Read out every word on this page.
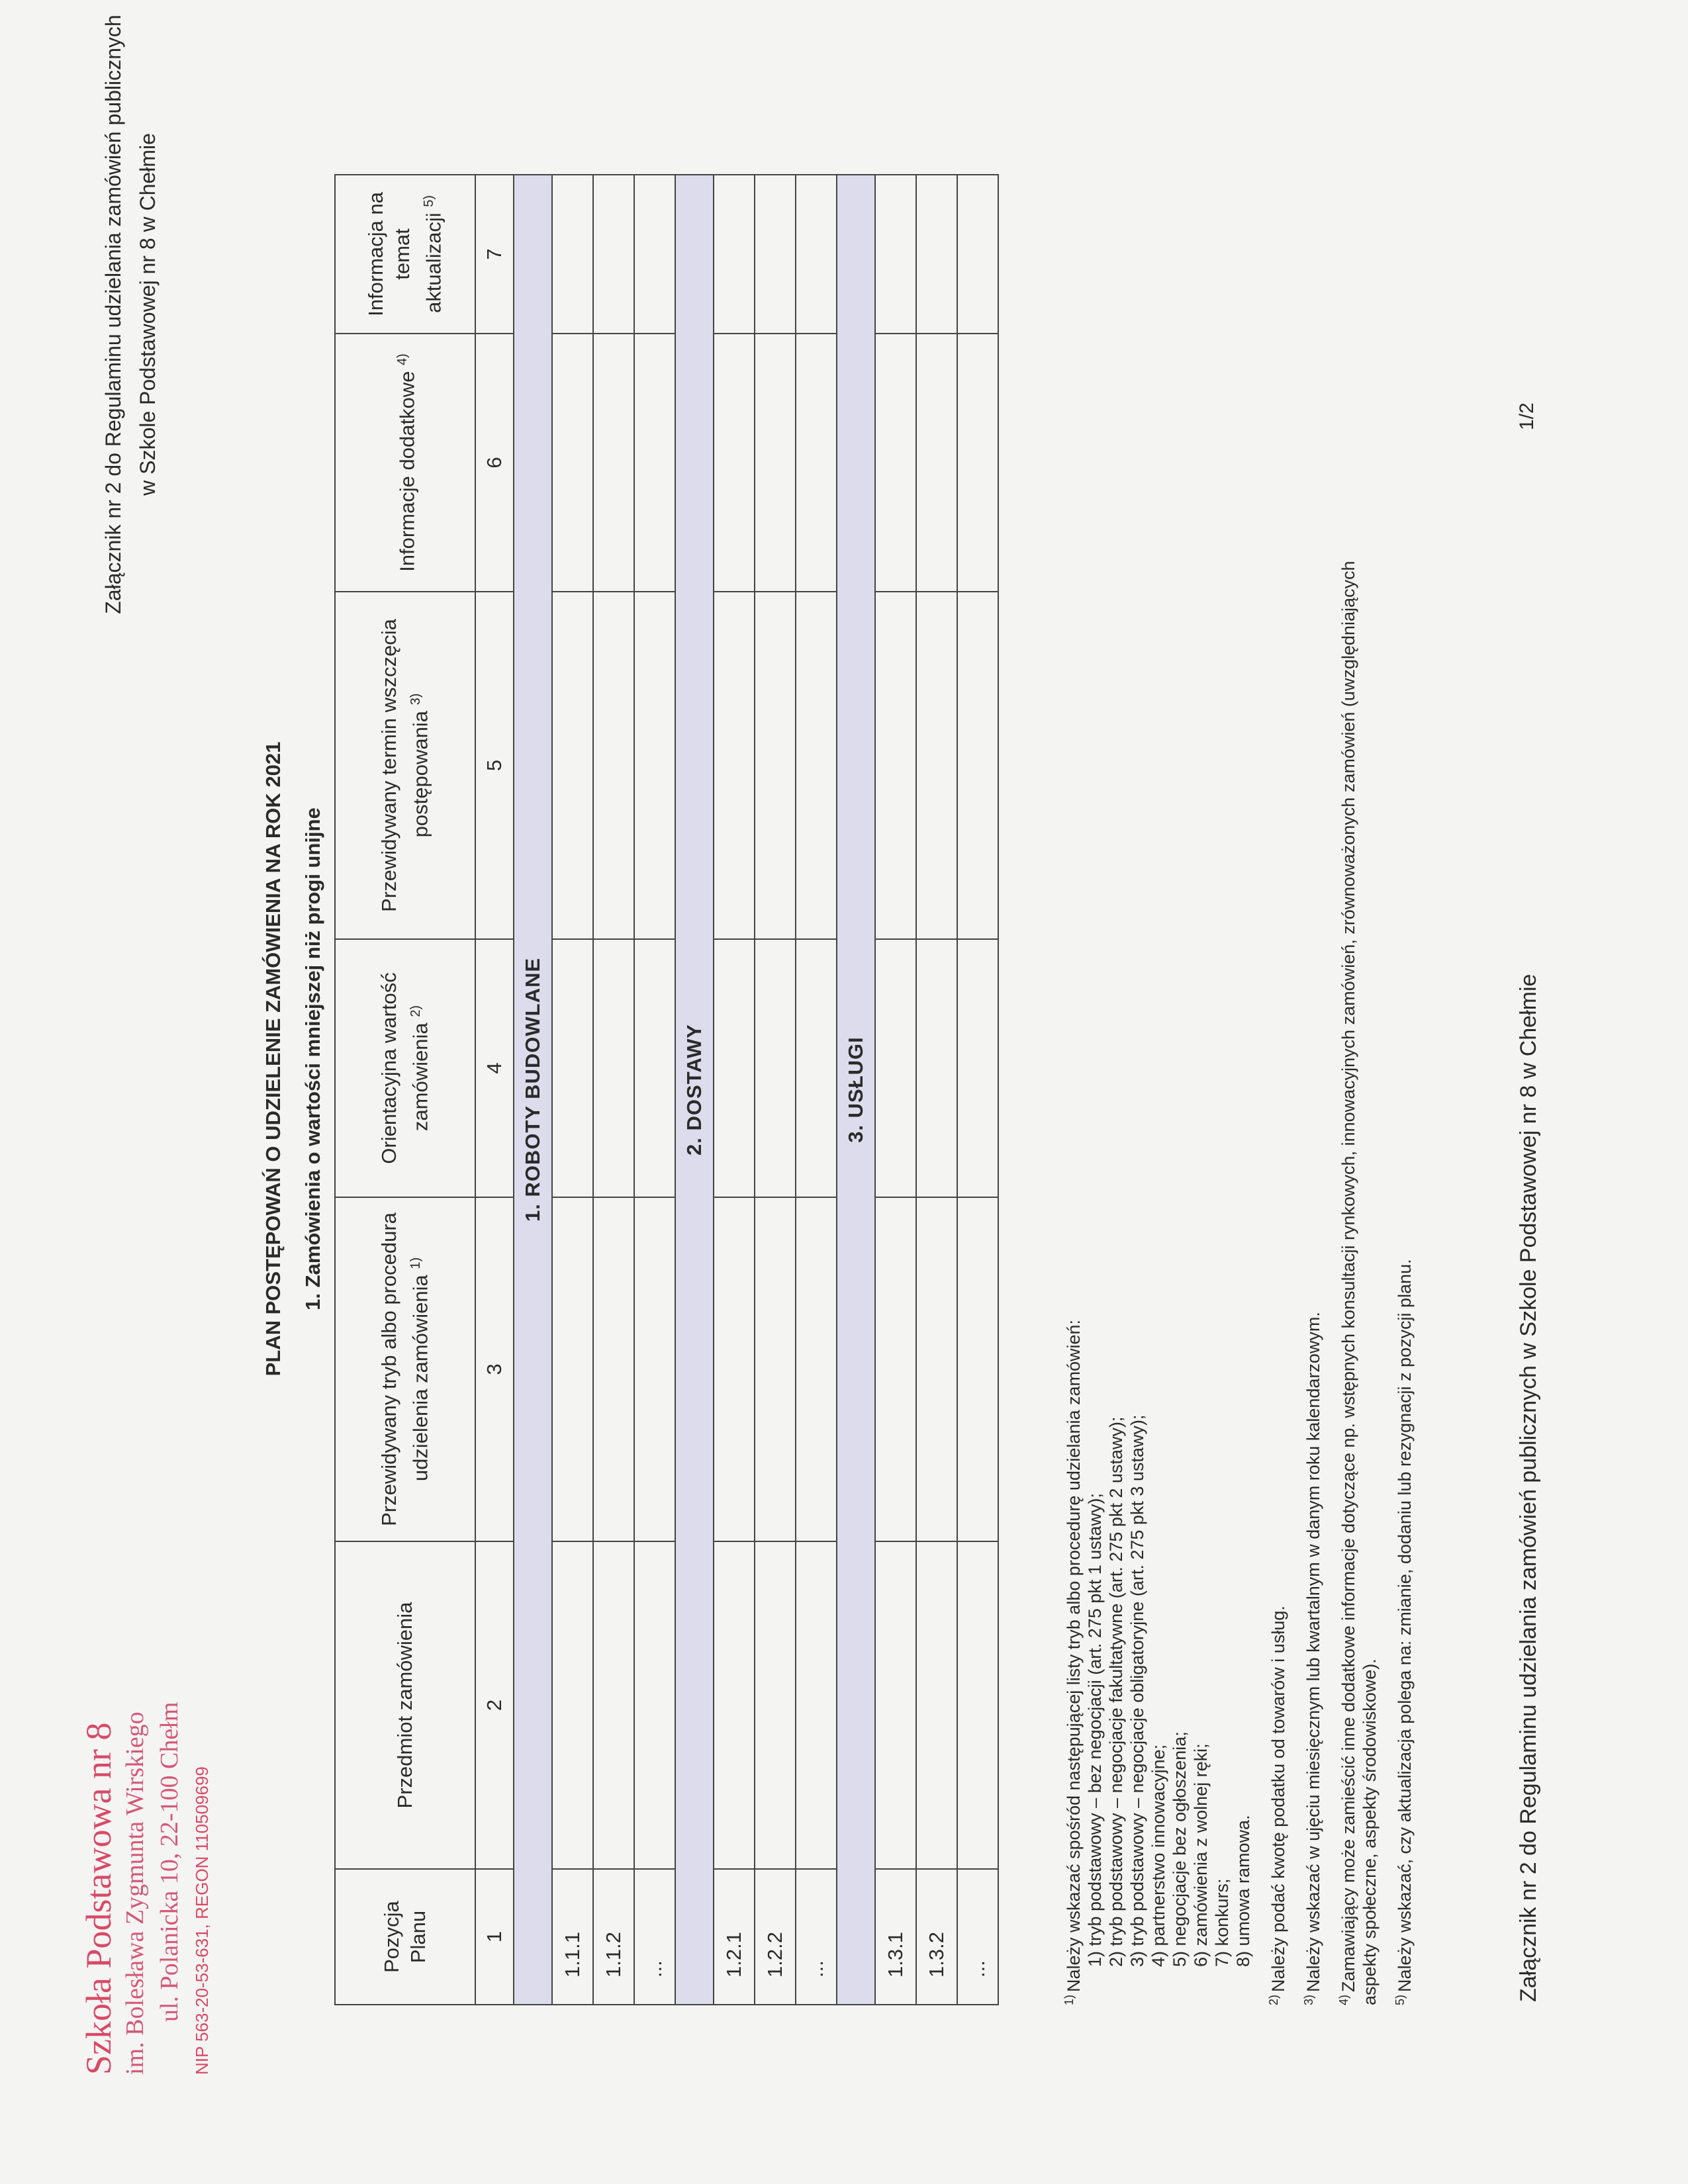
Szkoła Podstawowa nr 8 im. Bolesława Zygmunta Wirskiego ul. Polanicka 10, 22-100 Chełm NIP 563-20-53-631, REGON 110509699
Załącznik nr 2 do Regulaminu udzielania zamówień publicznych w Szkole Podstawowej nr 8 w Chełmie
PLAN POSTĘPOWAŃ O UDZIELENIE ZAMÓWIENIA NA ROK 2021 1. Zamówienia o wartości mniejszej niż progi unijne
Pozycja Planu	Przedmiot zamówienia	Przewidywany tryb albo procedura udzielenia zamówienia $^{1)}$	Orientacyjna wartość zamówienia $^{2)}$	Przewidywany termin wszczęcia postępowania $^{3)}$	Informacje dodatkowe $^{4)}$	Informacja na temat aktualizacji $^{5)}$
1	2	3	4	5	6	7
1. ROBOTY BUDOWLANE						
1.1.1						
1.1.2						
...						
2. DOSTAWY						
1.2.1						
1.2.2						
...						
3. USŁUGI						
1.3.1						
1.3.2						
...						
$^{1)}$Należy wskazać spośród następującej listy tryb albo procedurę udzielania zamówień: 1) tryb podstawowy – bez negocjacji (art. 275 pkt 1 ustawy); 2) tryb podstawowy – negocjacje fakultatywne (art. 275 pkt 2 ustawy); 3) tryb podstawowy – negocjacje obligatoryjne (art. 275 pkt 3 ustawy); 4) partnerstwo innowacyjne; 5) negocjacje bez ogłoszenia; 6) zamówienia z wolnej ręki; 7) konkurs; 8) umowa ramowa.
$^{2)}$Należy podać kwotę podatku od towarów i usług.
$^{3)}$Należy wskazać w ujęciu miesięcznym lub kwartalnym w danym roku kalendarzowym.
$^{4)}$Zamawiający może zamieścić inne dodatkowe informacje dotyczące np. wstępnych konsultacji rynkowych, innowacyjnych zamówień, zrównoważonych zamówień (uwzględniających aspekty społeczne, aspekty środowiskowe).	$^{5)}$Należy wskazać, czy aktualizacja polega na: zmianie, dodaniu lub rezygnacji z pozycji planu.	Załącznik nr 2 do Regulaminu udzielania zamówień publicznych w Szkole Podstawowej nr 8 w Chełmie
1/2
